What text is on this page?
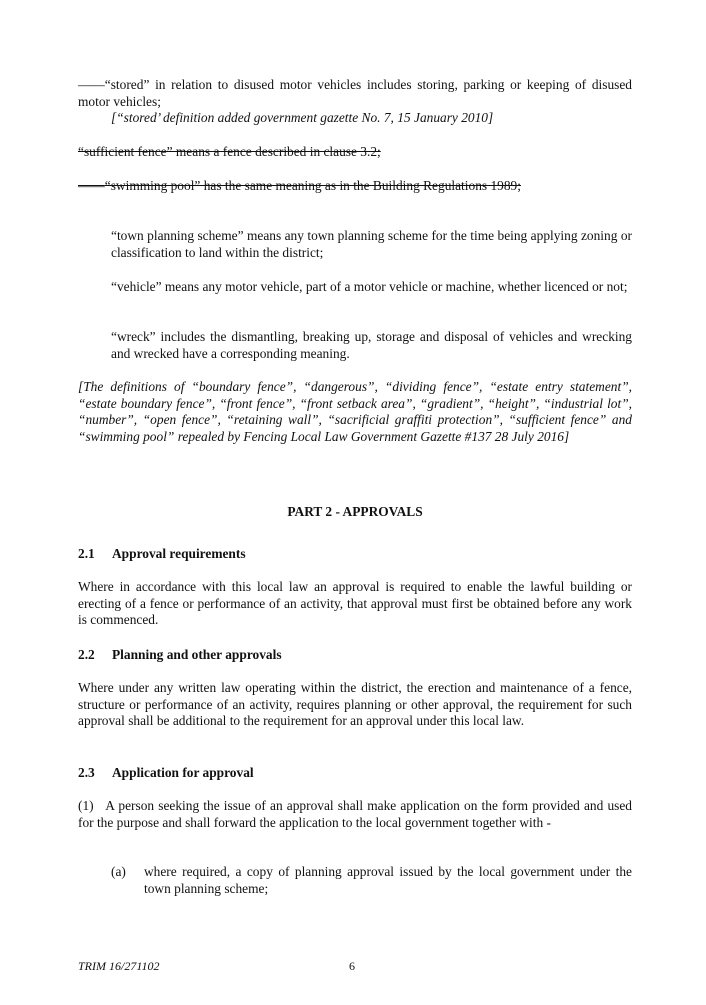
——“stored” in relation to disused motor vehicles includes storing, parking or keeping of disused motor vehicles;
[“stored’ definition added government gazette No. 7, 15 January 2010]
“sufficient fence” means a fence described in clause 3.2;
——“swimming pool” has the same meaning as in the Building Regulations 1989;
“town planning scheme” means any town planning scheme for the time being applying zoning or classification to land within the district;
“vehicle” means any motor vehicle, part of a motor vehicle or machine, whether licenced or not;
“wreck” includes the dismantling, breaking up, storage and disposal of vehicles and wrecking and wrecked have a corresponding meaning.
[The definitions of “boundary fence”, “dangerous”, “dividing fence”, “estate entry statement”, “estate boundary fence”, “front fence”, “front setback area”, “gradient”, “height”, “industrial lot”, “number”, “open fence”, “retaining wall”, “sacrificial graffiti protection”, “sufficient fence” and “swimming pool” repealed by Fencing Local Law Government Gazette #137 28 July 2016]
PART 2 - APPROVALS
2.1 Approval requirements
Where in accordance with this local law an approval is required to enable the lawful building or erecting of a fence or performance of an activity, that approval must first be obtained before any work is commenced.
2.2 Planning and other approvals
Where under any written law operating within the district, the erection and maintenance of a fence, structure or performance of an activity, requires planning or other approval, the requirement for such approval shall be additional to the requirement for an approval under this local law.
2.3 Application for approval
(1)   A person seeking the issue of an approval shall make application on the form provided and used for the purpose and shall forward the application to the local government together with -
(a)	where required, a copy of planning approval issued by the local government under the town planning scheme;
TRIM 16/271102	6
